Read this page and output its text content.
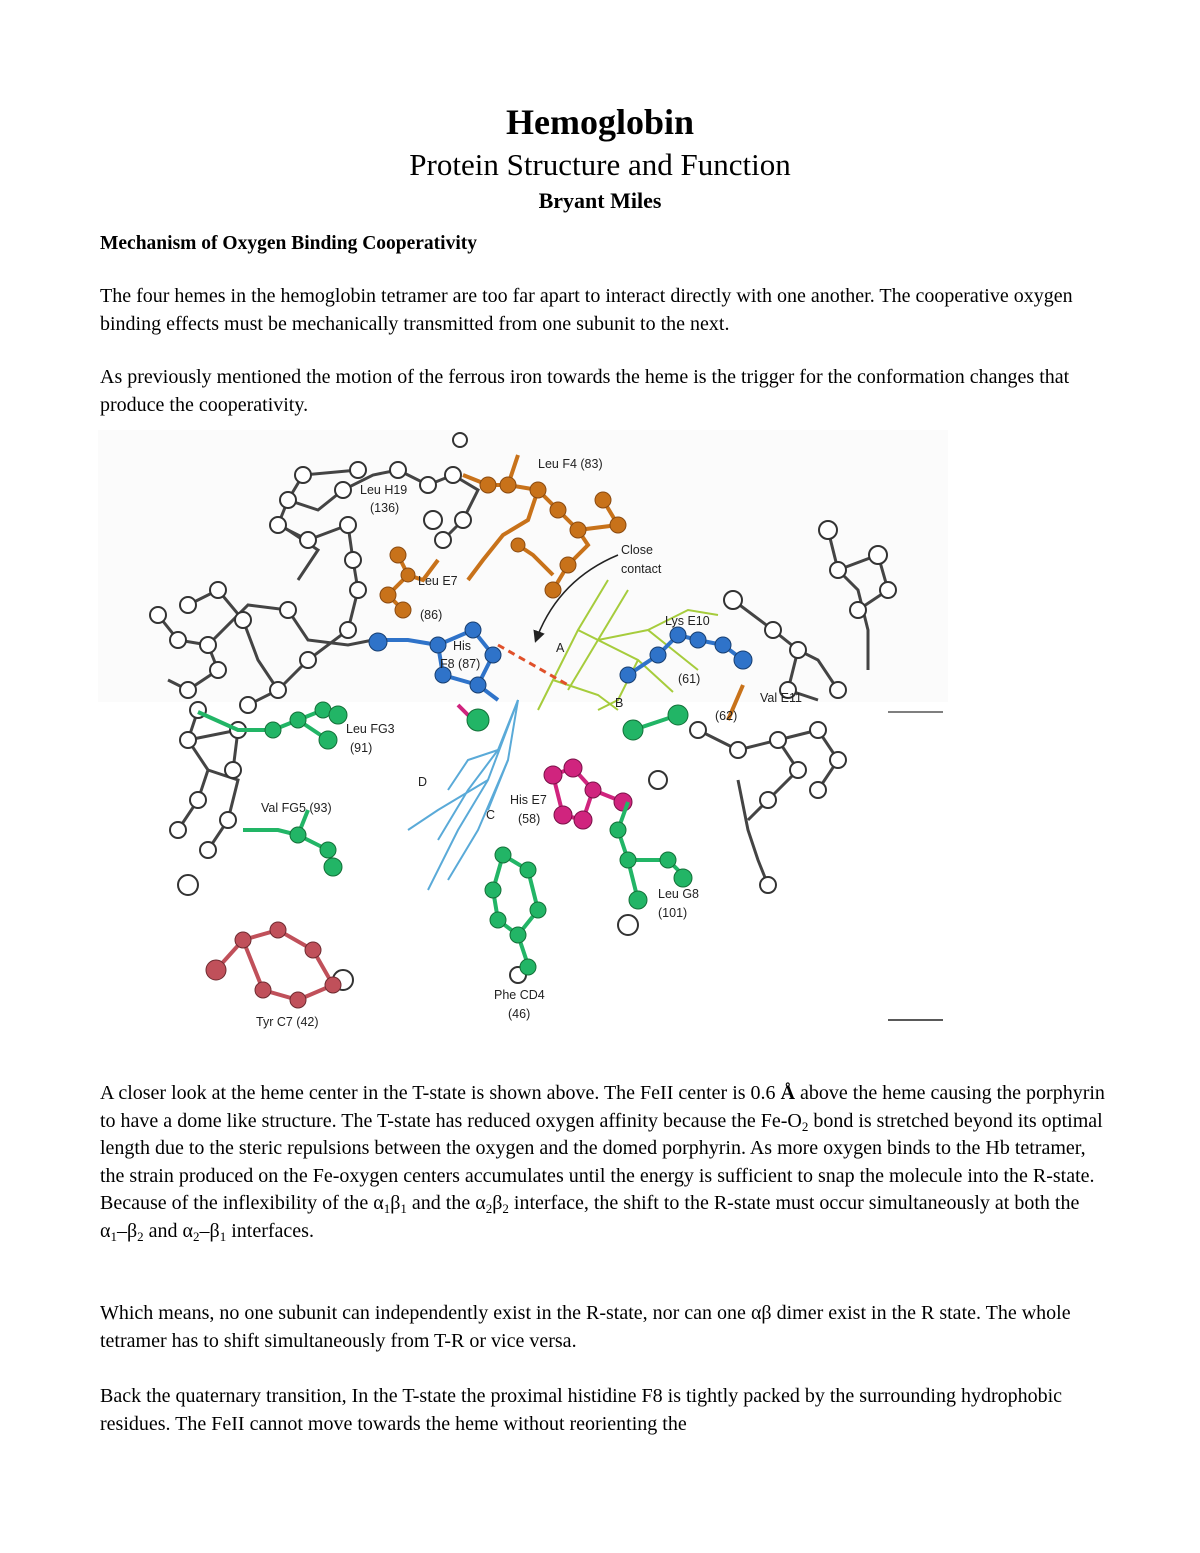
Hemoglobin
Protein Structure and Function
Bryant Miles
Mechanism of Oxygen Binding Cooperativity
The four hemes in the hemoglobin tetramer are too far apart to interact directly with one another. The cooperative oxygen binding effects must be mechanically transmitted from one subunit to the next.
As previously mentioned the motion of the ferrous iron towards the heme is the trigger for the conformation changes that produce the cooperativity.
Leu F4 (83)
Leu H19
(136)
Close
contact
Leu E7
(86)	Lys E10
(61)
His
F8 (87)
A
B
C
D
Val E11
(62)
Leu FG3
(91)
Val FG5 (93)
His E7
(58)
Leu G8
(101)
Phe CD4
(46)
Tyr C7 (42)
A closer look at the heme center in the T-state is shown above. The FeII center is 0.6 Å above the heme causing the porphyrin to have a dome like structure. The T-state has reduced oxygen affinity because the $Fe-O_2$ bond is stretched beyond its optimal length due to the steric repulsions between the oxygen and the domed porphyrin. As more oxygen binds to the Hb tetramer, the strain produced on the Fe-oxygen centers accumulates until the energy is sufficient to snap the molecule into the R-state. Because of the inflexibility of the $\alpha_1\beta_1$ and the $\alpha_2\beta_2$ interface, the shift to the R-state must occur simultaneously at both the $\alpha_1-\beta_2$ and $\alpha_2-\beta_1$ interfaces.
Which means, no one subunit can independently exist in the R-state, nor can one αβ dimer exist in the R state. The whole tetramer has to shift simultaneously from T-R or vice versa.
Back the quaternary transition, In the T-state the proximal histidine F8 is tightly packed by the surrounding hydrophobic residues. The FeII cannot move towards the heme without reorienting the
